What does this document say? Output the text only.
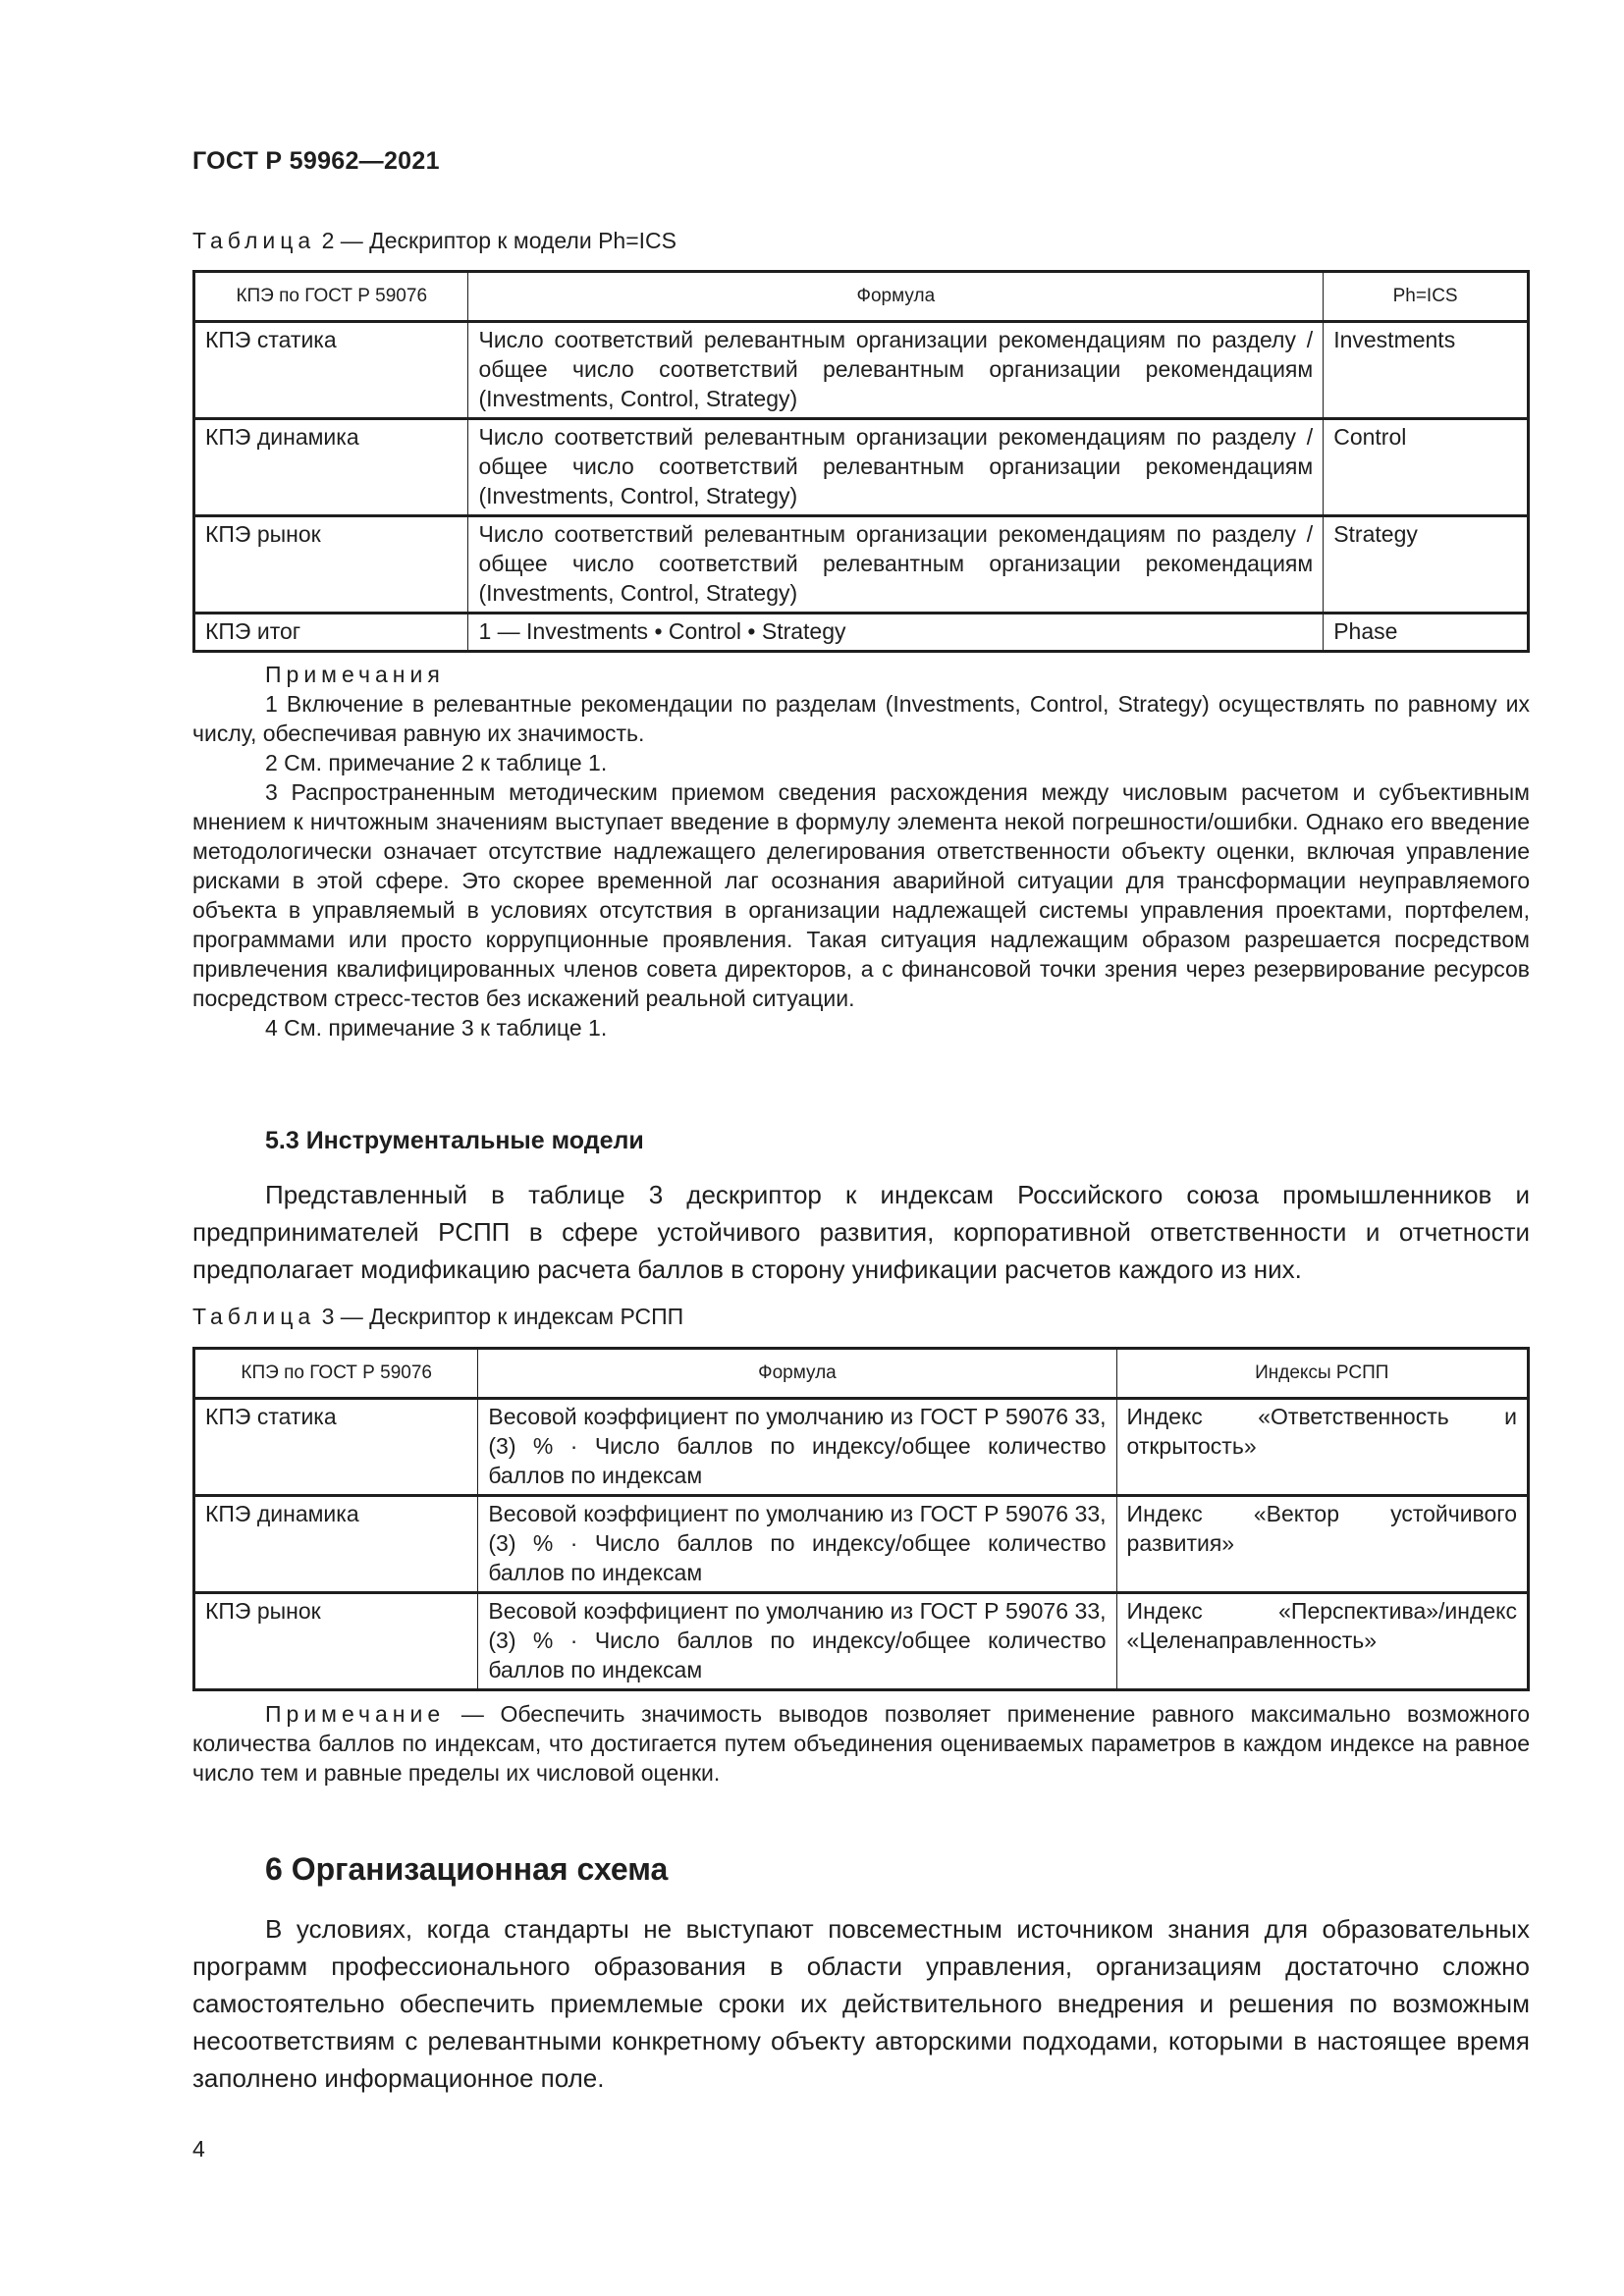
ГОСТ Р 59962—2021
Таблица 2 — Дескриптор к модели Ph=ICS
КПЭ по ГОСТ Р 59076	Формула	Ph=ICS
КПЭ статика	Число соответствий релевантным организации рекомендациям по разделу / общее число соответствий релевантным организации рекомендациям (Investments, Control, Strategy)	Investments
КПЭ динамика	Число соответствий релевантным организации рекомендациям по разделу / общее число соответствий релевантным организации рекомендациям (Investments, Control, Strategy)	Control
КПЭ рынок	Число соответствий релевантным организации рекомендациям по разделу / общее число соответствий релевантным организации рекомендациям (Investments, Control, Strategy)	Strategy
КПЭ итог	1 — Investments • Control • Strategy	Phase

Примечания

1 Включение в релевантные рекомендации по разделам (Investments, Control, Strategy) осуществлять по равному их числу, обеспечивая равную их значимость.

2 См. примечание 2 к таблице 1.

3 Распространенным методическим приемом сведения расхождения между числовым расчетом и субъективным мнением к ничтожным значениям выступает введение в формулу элемента некой погрешности/ошибки. Однако его введение методологически означает отсутствие надлежащего делегирования ответственности объекту оценки, включая управление рисками в этой сфере. Это скорее временной лаг осознания аварийной ситуации для трансформации неуправляемого объекта в управляемый в условиях отсутствия в организации надлежащей системы управления проектами, портфелем, программами или просто коррупционные проявления. Такая ситуация надлежащим образом разрешается посредством привлечения квалифицированных членов совета директоров, а с финансовой точки зрения через резервирование ресурсов посредством стресс-тестов без искажений реальной ситуации.

4 См. примечание 3 к таблице 1.

5.3 Инструментальные модели

Представленный в таблице 3 дескриптор к индексам Российского союза промышленников и предпринимателей РСПП в сфере устойчивого развития, корпоративной ответственности и отчетности предполагает модификацию расчета баллов в сторону унификации расчетов каждого из них.

Таблица 3 — Дескриптор к индексам РСПП
КПЭ по ГОСТ Р 59076	Формула	Индексы РСПП
КПЭ статика	Весовой коэффициент по умолчанию из ГОСТ Р 59076 33,(3) % · Число баллов по индексу/общее количество баллов по индексам	Индекс «Ответственность и открытость»
КПЭ динамика	Весовой коэффициент по умолчанию из ГОСТ Р 59076 33,(3) % · Число баллов по индексу/общее количество баллов по индексам	Индекс «Вектор устойчивого развития»
КПЭ рынок	Весовой коэффициент по умолчанию из ГОСТ Р 59076 33, (3) % · Число баллов по индексу/общее количество баллов по индексам	Индекс «Перспектива»/индекс «Целенаправленность»

Примечание — Обеспечить значимость выводов позволяет применение равного максимально возможного количества баллов по индексам, что достигается путем объединения оцениваемых параметров в каждом индексе на равное число тем и равные пределы их числовой оценки.

6 Организационная схема

В условиях, когда стандарты не выступают повсеместным источником знания для образовательных программ профессионального образования в области управления, организациям достаточно сложно самостоятельно обеспечить приемлемые сроки их действительного внедрения и решения по возможным несоответствиям с релевантными конкретному объекту авторскими подходами, которыми в настоящее время заполнено информационное поле.

4
